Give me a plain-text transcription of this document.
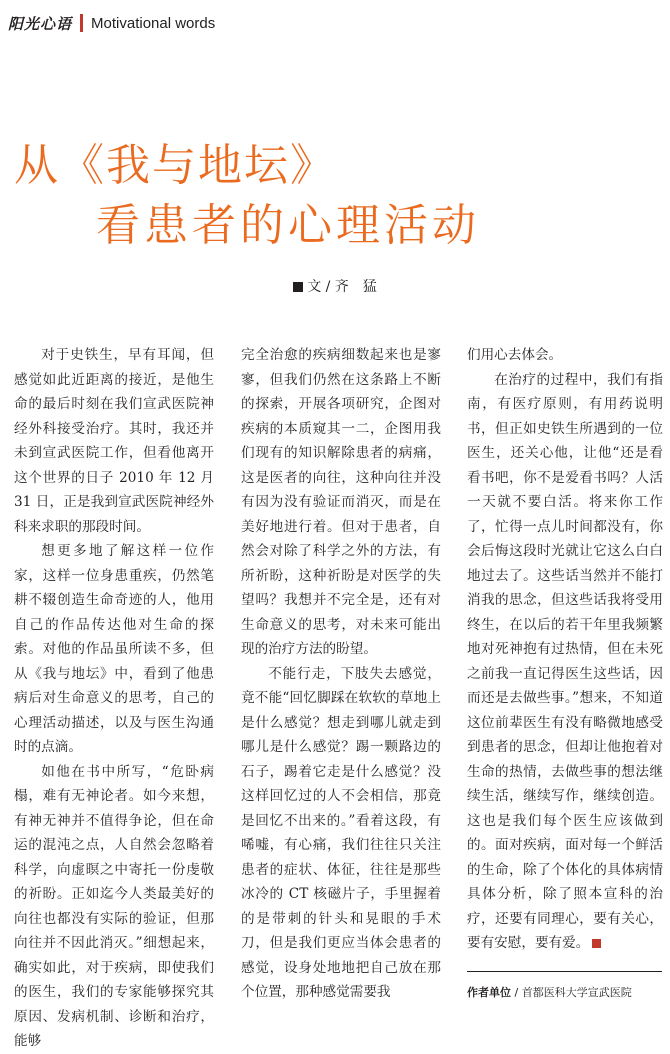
阳光心语 Motivational words
从《我与地坛》
看患者的心理活动
文 / 齐　猛

对于史铁生，早有耳闻，但感觉如此近距离的接近，是他生命的最后时刻在我们宣武医院神经外科接受治疗。其时，我还并未到宣武医院工作，但看他离开这个世界的日子 2010 年 12 月 31 日，正是我到宣武医院神经外科来求职的那段时间。

想更多地了解这样一位作家，这样一位身患重疾，仍然笔耕不辍创造生命奇迹的人，他用自己的作品传达他对生命的探索。对他的作品虽所读不多，但从《我与地坛》中，看到了他患病后对生命意义的思考，自己的心理活动描述，以及与医生沟通时的点滴。

如他在书中所写，“危卧病榻，难有无神论者。如今来想，有神无神并不值得争论，但在命运的混沌之点，人自然会忽略着科学，向虚暝之中寄托一份虔敬的祈盼。正如迄今人类最美好的向往也都没有实际的验证，但那向往并不因此消灭。”细想起来，确实如此，对于疾病，即使我们的医生，我们的专家能够探究其原因、发病机制、诊断和治疗，能够

完全治愈的疾病细数起来也是寥寥，但我们仍然在这条路上不断的探索，开展各项研究，企图对疾病的本质窥其一二，企图用我们现有的知识解除患者的病痛，这是医者的向往，这种向往并没有因为没有验证而消灭，而是在美好地进行着。但对于患者，自然会对除了科学之外的方法，有所祈盼，这种祈盼是对医学的失望吗？我想并不完全是，还有对生命意义的思考，对未来可能出现的治疗方法的盼望。

不能行走，下肢失去感觉，竟不能“回忆脚踩在软软的草地上是什么感觉？想走到哪儿就走到哪儿是什么感觉？踢一颗路边的石子，踢着它走是什么感觉？没这样回忆过的人不会相信，那竟是回忆不出来的。”看着这段，有唏嘘，有心痛，我们往往只关注患者的症状、体征，往往是那些冰冷的 CT 核磁片子，手里握着的是带刺的针头和晃眼的手术刀，但是我们更应当体会患者的感觉，设身处地地把自己放在那个位置，那种感觉需要我

们用心去体会。

在治疗的过程中，我们有指南，有医疗原则，有用药说明书，但正如史铁生所遇到的一位医生，还关心他，让他“还是看看书吧，你不是爱看书吗？人活一天就不要白活。将来你工作了，忙得一点儿时间都没有，你会后悔这段时光就让它这么白白地过去了。这些话当然并不能打消我的思念，但这些话我将受用终生，在以后的若干年里我频繁地对死神抱有过热情，但在未死之前我一直记得医生这些话，因而还是去做些事。”想来，不知道这位前辈医生有没有略微地感受到患者的思念，但却让他抱着对生命的热情，去做些事的想法继续生活，继续写作，继续创造。这也是我们每个医生应该做到的。面对疾病，面对每一个鲜活的生命，除了个体化的具体病情具体分析，除了照本宣科的治疗，还要有同理心，要有关心，要有安慰，要有爱。

作者单位 / 首都医科大学宣武医院
